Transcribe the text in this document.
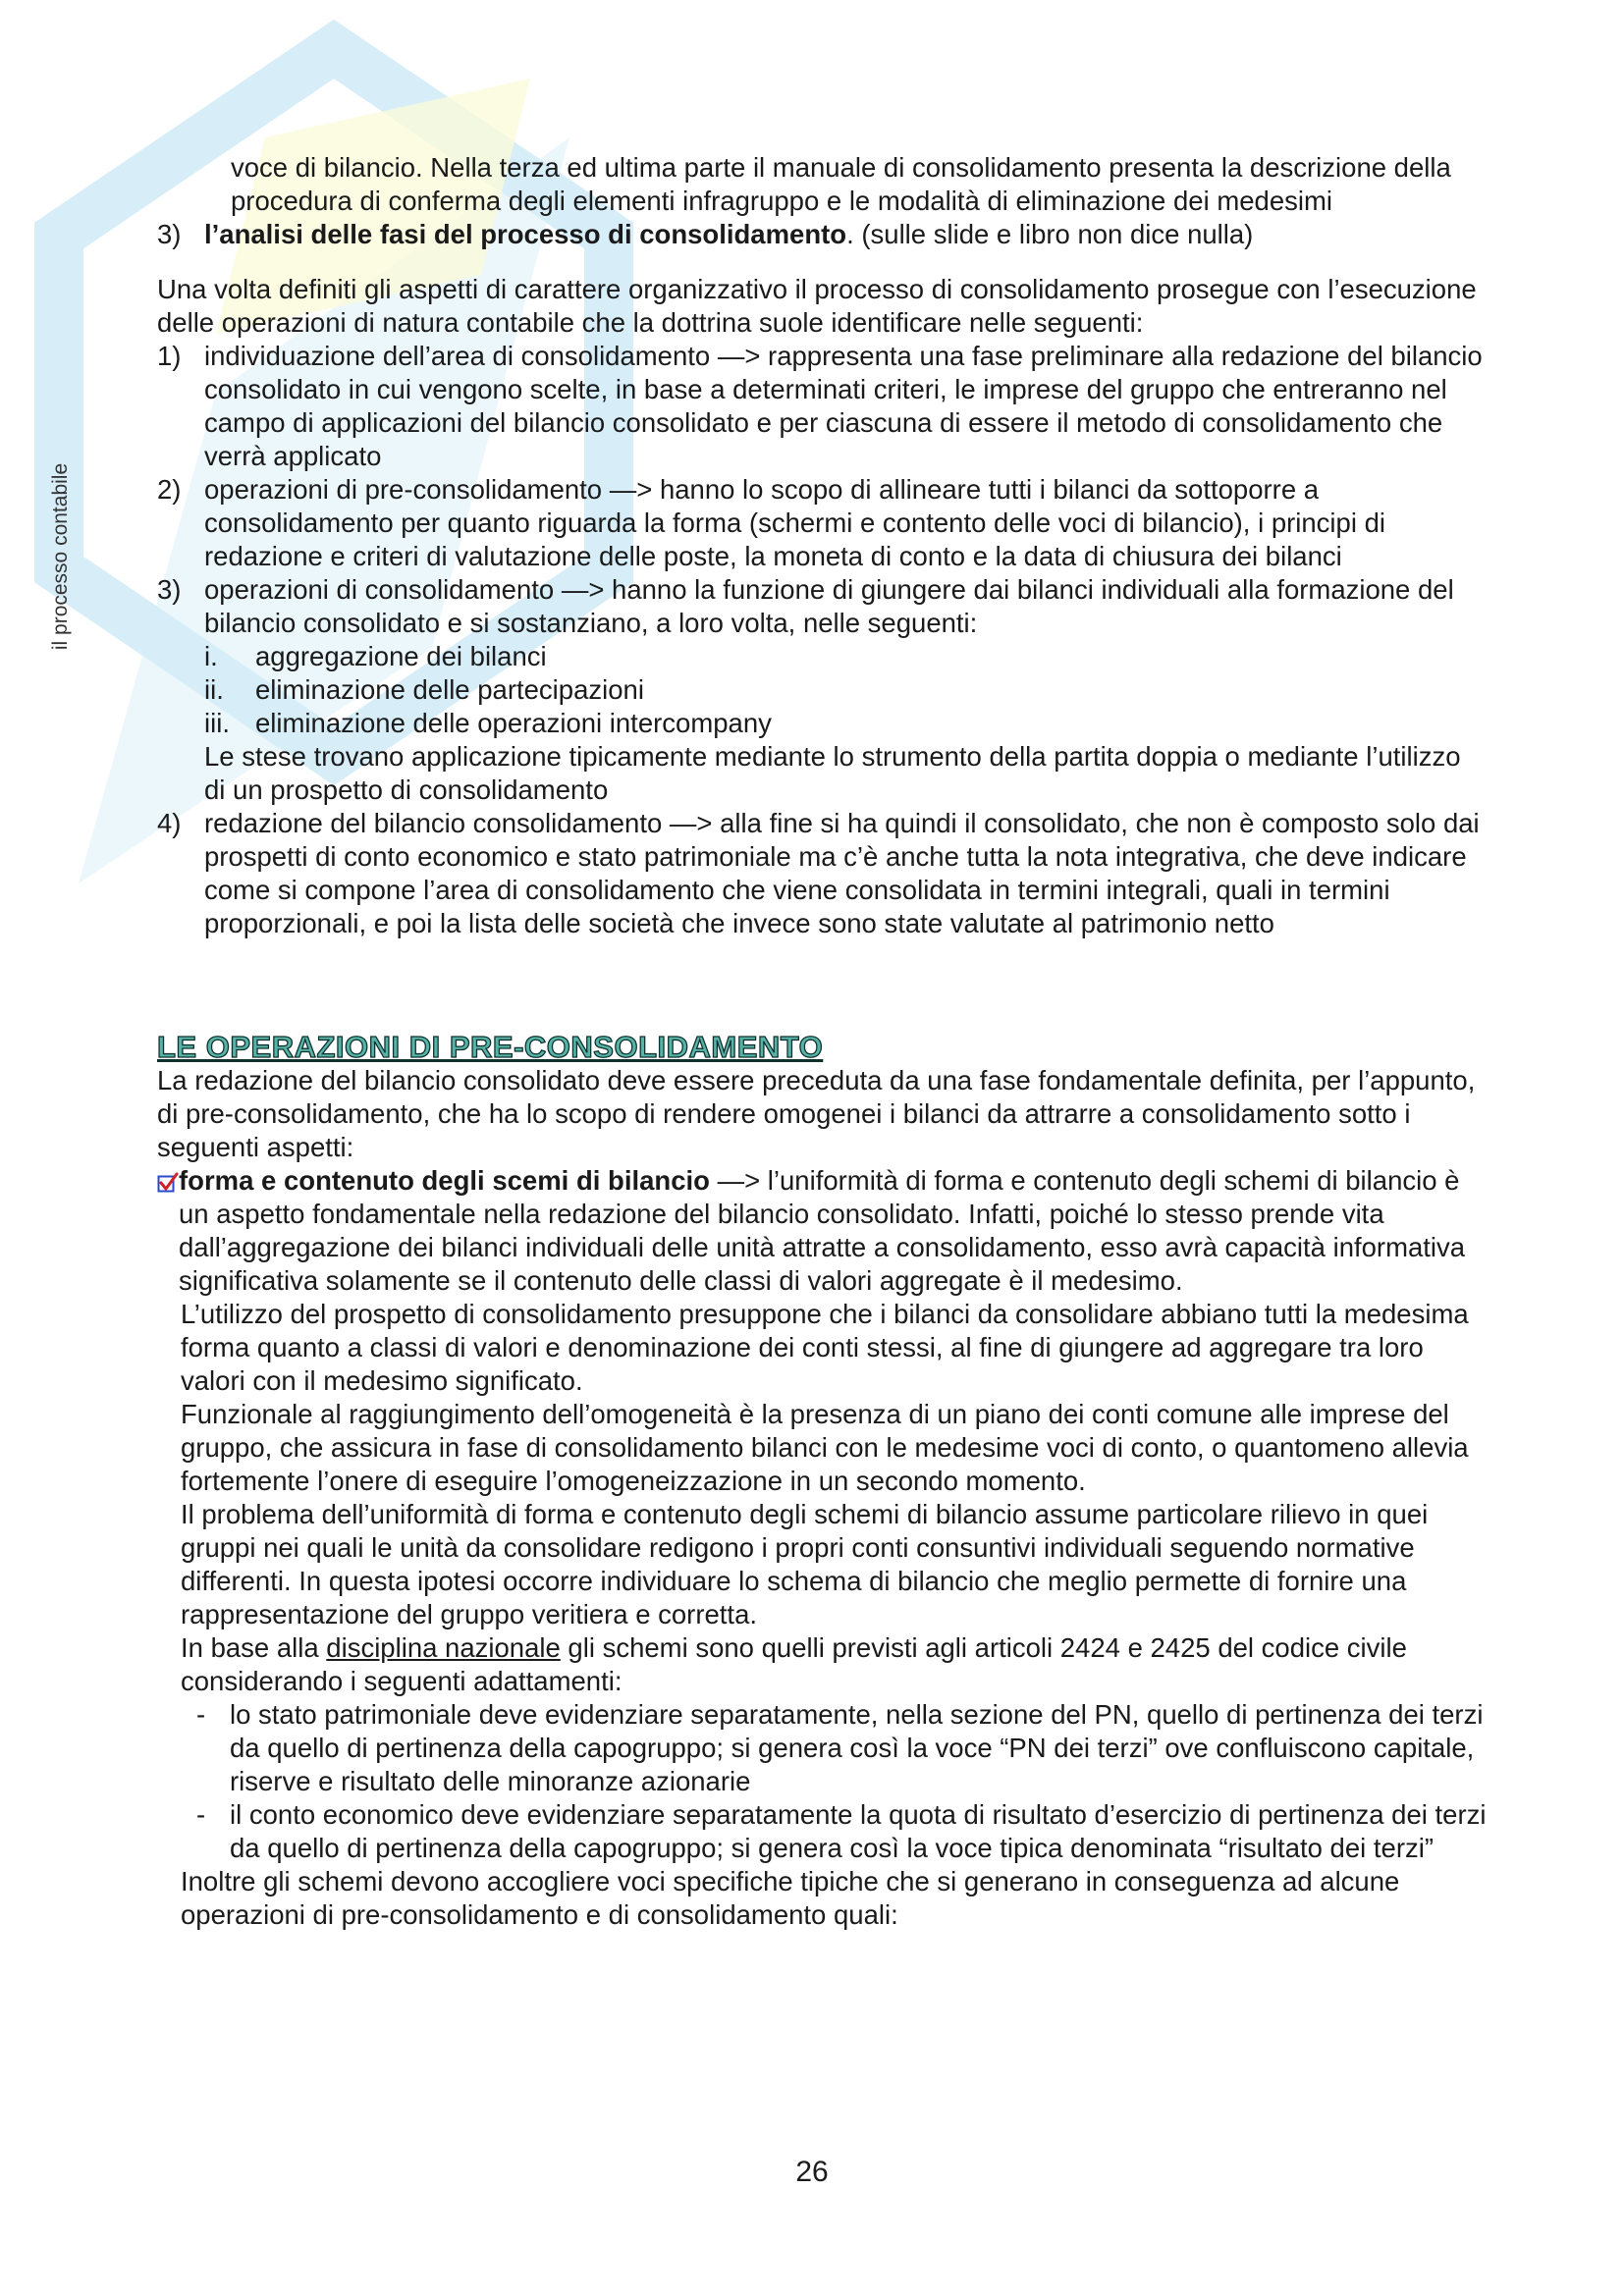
il processo contabile

voce di bilancio. Nella terza ed ultima parte il manuale di consolidamento presenta la descrizione della procedura di conferma degli elementi infragruppo e le modalità di eliminazione dei medesimi

3) l’analisi delle fasi del processo di consolidamento. (sulle slide e libro non dice nulla)

Una volta definiti gli aspetti di carattere organizzativo il processo di consolidamento prosegue con l’esecuzione delle operazioni di natura contabile che la dottrina suole identificare nelle seguenti:

1) individuazione dell’area di consolidamento —> rappresenta una fase preliminare alla redazione del bilancio consolidato in cui vengono scelte, in base a determinati criteri, le imprese del gruppo che entreranno nel campo di applicazioni del bilancio consolidato e per ciascuna di essere il metodo di consolidamento che verrà applicato
2) operazioni di pre-consolidamento —> hanno lo scopo di allineare tutti i bilanci da sottoporre a consolidamento per quanto riguarda la forma (schermi e contento delle voci di bilancio), i principi di redazione e criteri di valutazione delle poste, la moneta di conto e la data di chiusura dei bilanci
3) operazioni di consolidamento —> hanno la funzione di giungere dai bilanci individuali alla formazione del bilancio consolidato e si sostanziano, a loro volta, nelle seguenti:
i.	aggregazione dei bilanci
ii.	eliminazione delle partecipazioni
iii. eliminazione delle operazioni intercompany

Le stese trovano applicazione tipicamente mediante lo strumento della partita doppia o mediante l’utilizzo di un prospetto di consolidamento

4) redazione del bilancio consolidamento —> alla fine si ha quindi il consolidato, che non è composto solo dai prospetti di conto economico e stato patrimoniale ma c’è anche tutta la nota integrativa, che deve indicare come si compone l’area di consolidamento che viene consolidata in termini integrali, quali in termini proporzionali, e poi la lista delle società che invece sono state valutate al patrimonio netto
LE OPERAZIONI DI PRE-CONSOLIDAMENTO

La redazione del bilancio consolidato deve essere preceduta da una fase fondamentale definita, per l’appunto, di pre-consolidamento, che ha lo scopo di rendere omogenei i bilanci da attrarre a consolidamento sotto i seguenti aspetti:

forma e contenuto degli scemi di bilancio —> l’uniformità di forma e contenuto degli schemi di bilancio è un aspetto fondamentale nella redazione del bilancio consolidato. Infatti, poiché lo stesso prende vita dall’aggregazione dei bilanci individuali delle unità attratte a consolidamento, esso avrà capacità informativa significativa solamente se il contenuto delle classi di valori aggregate è il medesimo.

L’utilizzo del prospetto di consolidamento presuppone che i bilanci da consolidare abbiano tutti la medesima forma quanto a classi di valori e denominazione dei conti stessi, al fine di giungere ad aggregare tra loro valori con il medesimo significato.

Funzionale al raggiungimento dell’omogeneità è la presenza di un piano dei conti comune alle imprese del gruppo, che assicura in fase di consolidamento bilanci con le medesime voci di conto, o quantomeno allevia fortemente l’onere di eseguire l’omogeneizzazione in un secondo momento.

Il problema dell’uniformità di forma e contenuto degli schemi di bilancio assume particolare rilievo in quei gruppi nei quali le unità da consolidare redigono i propri conti consuntivi individuali seguendo normative differenti. In questa ipotesi occorre individuare lo schema di bilancio che meglio permette di fornire una rappresentazione del gruppo veritiera e corretta.

In base alla disciplina nazionale gli schemi sono quelli previsti agli articoli 2424 e 2425 del codice civile considerando i seguenti adattamenti:

- lo stato patrimoniale deve evidenziare separatamente, nella sezione del PN, quello di pertinenza dei terzi da quello di pertinenza della capogruppo; si genera così la voce “PN dei terzi” ove confluiscono capitale, riserve e risultato delle minoranze azionarie
- il conto economico deve evidenziare separatamente la quota di risultato d’esercizio di pertinenza dei terzi da quello di pertinenza della capogruppo; si genera così la voce tipica denominata “risultato dei terzi”

Inoltre gli schemi devono accogliere voci specifiche tipiche che si generano in conseguenza ad alcune operazioni di pre-consolidamento e di consolidamento quali:

26
